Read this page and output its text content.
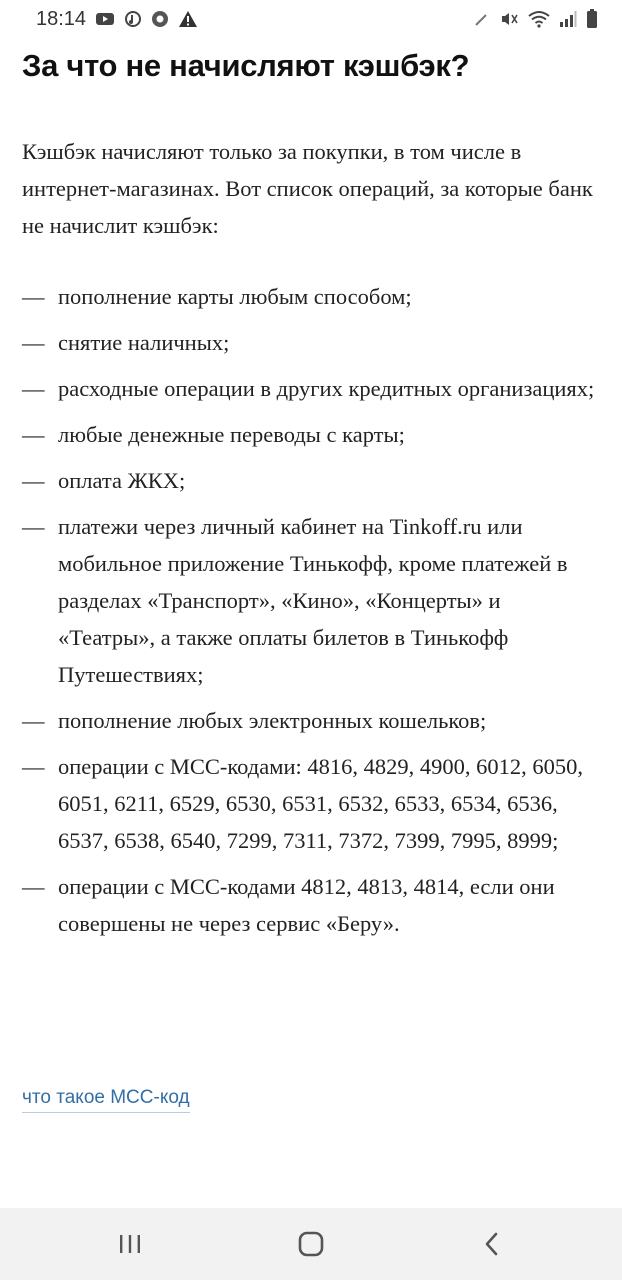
18:14
За что не начисляют кэшбэк?

Кэшбэк начисляют только за покупки, в том числе в интернет-магазинах. Вот список операций, за которые банк не начислит кэшбэк:

— пополнение карты любым способом;
— снятие наличных;
— расходные операции в других кредитных организациях;
— любые денежные переводы с карты;
— оплата ЖКХ;
— платежи через личный кабинет на Tinkoff.ru или мобильное приложение Тинькофф, кроме платежей в разделах «Транспорт», «Кино», «Концерты» и «Театры», а также оплаты билетов в Тинькофф Путешествиях;
— пополнение любых электронных кошельков;
— операции с МСС-кодами: 4816, 4829, 4900, 6012, 6050, 6051, 6211, 6529, 6530, 6531, 6532, 6533, 6534, 6536, 6537, 6538, 6540, 7299, 7311, 7372, 7399, 7995, 8999;
— операции с МСС-кодами 4812, 4813, 4814, если они совершены не через сервис «Беру».
что такое МСС-код
